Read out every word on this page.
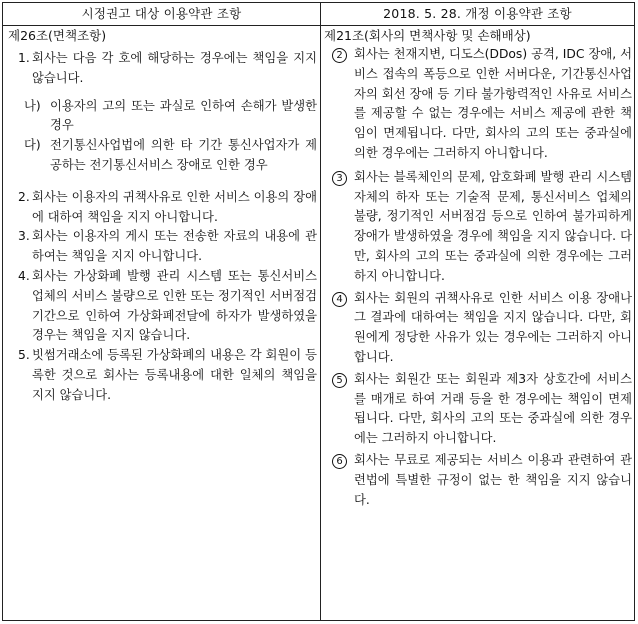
시정권고 대상 이용약관 조항	2018. 5. 28. 개정 이용약관 조항

제26조(면책조항)

1. 회사는 다음 각 호에 해당하는 경우에는 책임을 지지 않습니다.
나) 이용자의 고의 또는 과실로 인하여 손해가 발생한 경우
다) 전기통신사업법에 의한 타 기간 통신사업자가 제공하는 전기통신서비스 장애로 인한 경우
2. 회사는 이용자의 귀책사유로 인한 서비스 이용의 장애에 대하여 책임을 지지 아니합니다.
3. 회사는 이용자의 게시 또는 전송한 자료의 내용에 관하여는 책임을 지지 아니합니다.
4. 회사는 가상화폐 발행 관리 시스템 또는 통신서비스 업체의 서비스 불량으로 인한 또는 정기적인 서버점검기간으로 인하여 가상화폐전달에 하자가 발생하였을 경우는 책임을 지지 않습니다.
5. 빗썸거래소에 등록된 가상화폐의 내용은 각 회원이 등록한 것으로 회사는 등록내용에 대한 일체의 책임을 지지 않습니다.

제21조(회사의 면책사항 및 손해배상)

2 회사는 천재지변, 디도스(DDos) 공격, IDC 장애, 서비스 접속의 폭등으로 인한 서버다운, 기간통신사업자의 회선 장애 등 기타 불가항력적인 사유로 서비스를 제공할 수 없는 경우에는 서비스 제공에 관한 책임이 면제됩니다. 다만, 회사의 고의 또는 중과실에 의한 경우에는 그러하지 아니합니다.
3 회사는 블록체인의 문제, 암호화폐 발행 관리 시스템 자체의 하자 또는 기술적 문제, 통신서비스 업체의 불량, 정기적인 서버점검 등으로 인하여 불가피하게 장애가 발생하였을 경우에 책임을 지지 않습니다. 다만, 회사의 고의 또는 중과실에 의한 경우에는 그러하지 아니합니다.
4 회사는 회원의 귀책사유로 인한 서비스 이용 장애나 그 결과에 대하여는 책임을 지지 않습니다. 다만, 회원에게 정당한 사유가 있는 경우에는 그러하지 아니합니다.
5 회사는 회원간 또는 회원과 제3자 상호간에 서비스를 매개로 하여 거래 등을 한 경우에는 책임이 면제됩니다. 다만, 회사의 고의 또는 중과실에 의한 경우에는 그러하지 아니합니다.
6 회사는 무료로 제공되는 서비스 이용과 관련하여 관련법에 특별한 규정이 없는 한 책임을 지지 않습니다.
